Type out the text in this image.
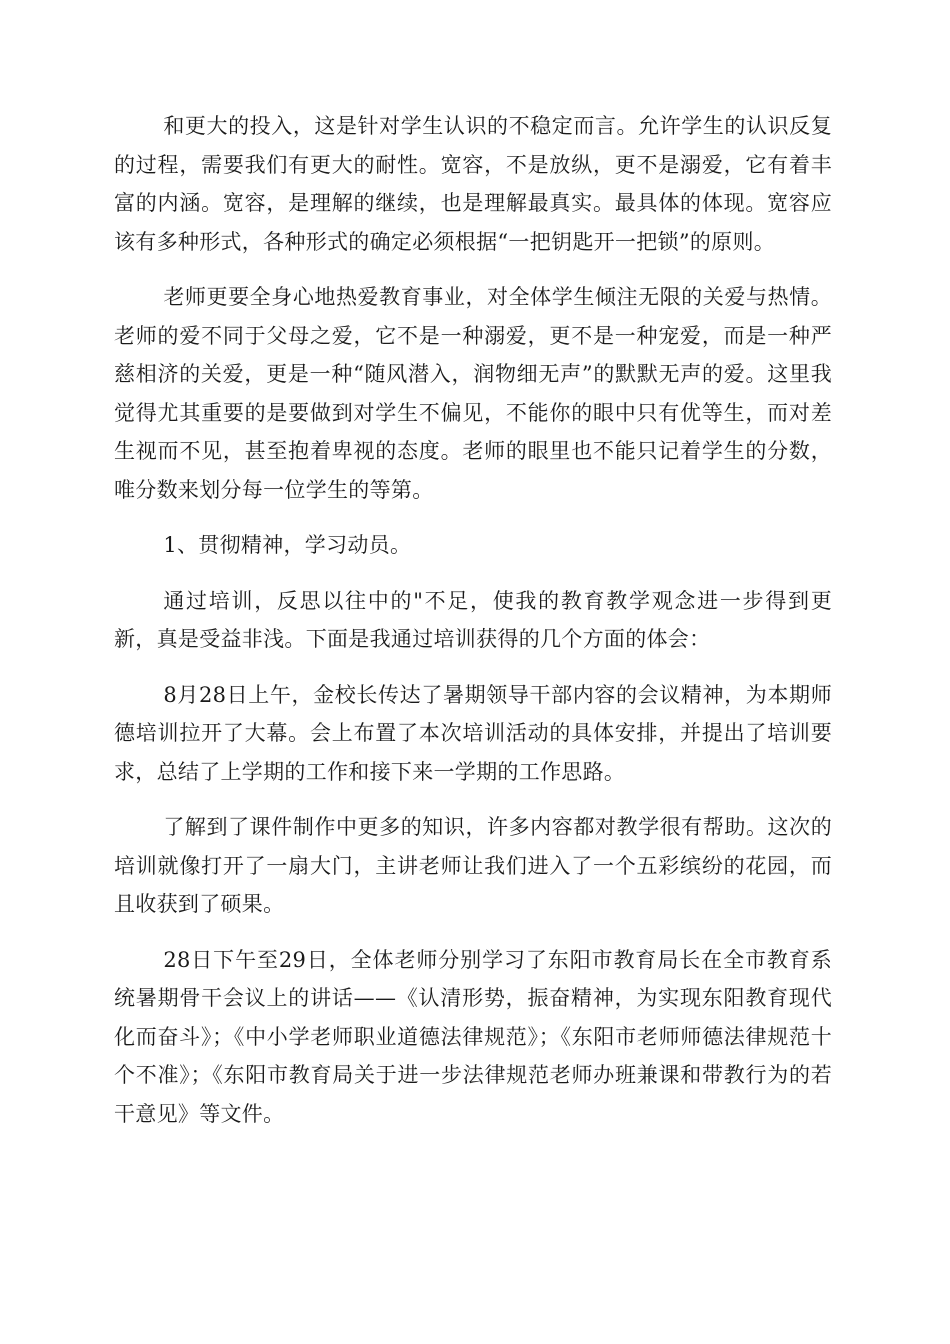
和更大的投入，这是针对学生认识的不稳定而言。允许学生的认识反复的过程，需要我们有更大的耐性。宽容，不是放纵，更不是溺爱，它有着丰富的内涵。宽容，是理解的继续，也是理解最真实。最具体的体现。宽容应该有多种形式，各种形式的确定必须根据“一把钥匙开一把锁”的原则。

老师更要全身心地热爱教育事业，对全体学生倾注无限的关爱与热情。老师的爱不同于父母之爱，它不是一种溺爱，更不是一种宠爱，而是一种严慈相济的关爱，更是一种“随风潜入，润物细无声”的默默无声的爱。这里我觉得尤其重要的是要做到对学生不偏见，不能你的眼中只有优等生，而对差生视而不见，甚至抱着卑视的态度。老师的眼里也不能只记着学生的分数，唯分数来划分每一位学生的等第。

1、贯彻精神，学习动员。

通过培训，反思以往中的"不足，使我的教育教学观念进一步得到更新，真是受益非浅。下面是我通过培训获得的几个方面的体会：

8月28日上午，金校长传达了暑期领导干部内容的会议精神，为本期师德培训拉开了大幕。会上布置了本次培训活动的具体安排，并提出了培训要求，总结了上学期的工作和接下来一学期的工作思路。

了解到了课件制作中更多的知识，许多内容都对教学很有帮助。这次的培训就像打开了一扇大门，主讲老师让我们进入了一个五彩缤纷的花园，而且收获到了硕果。

28日下午至29日，全体老师分别学习了东阳市教育局长在全市教育系统暑期骨干会议上的讲话——《认清形势，振奋精神，为实现东阳教育现代化而奋斗》；《中小学老师职业道德法律规范》；《东阳市老师师德法律规范十个不准》；《东阳市教育局关于进一步法律规范老师办班兼课和带教行为的若干意见》等文件。
